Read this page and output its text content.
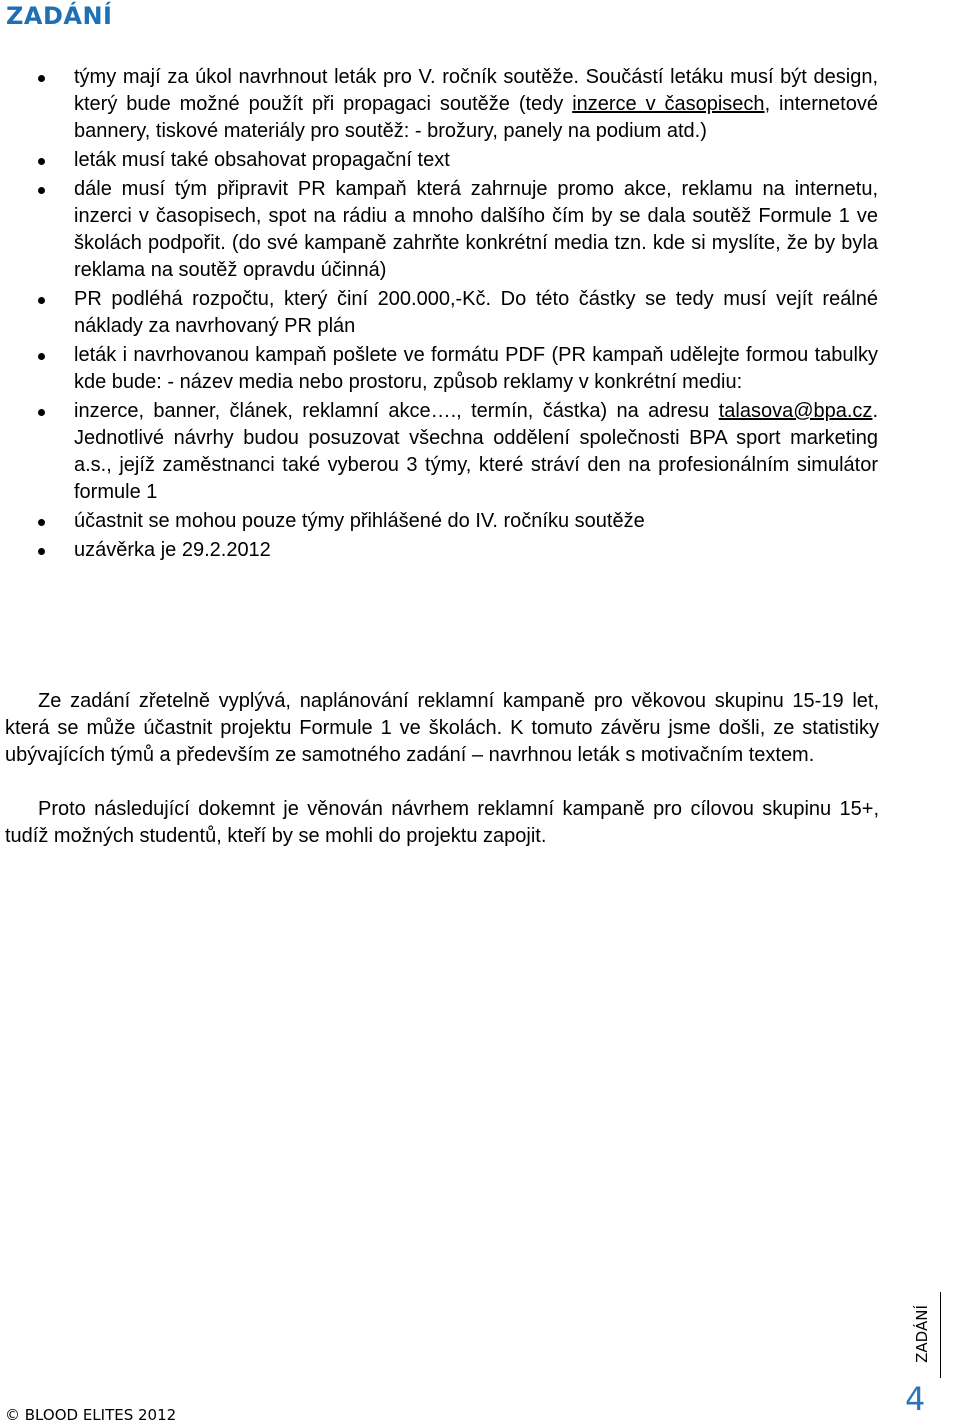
ZADÁNÍ
týmy mají za úkol navrhnout leták pro V. ročník soutěže. Součástí letáku musí být design, který bude možné použít při propagaci soutěže (tedy inzerce v časopisech, internetové bannery, tiskové materiály pro soutěž: - brožury, panely na podium atd.)
leták musí také obsahovat propagační text
dále musí tým připravit PR kampaň která zahrnuje promo akce, reklamu na internetu, inzerci v časopisech, spot na rádiu a mnoho dalšího čím by se dala soutěž Formule 1 ve školách podpořit. (do své kampaně zahrňte konkrétní media tzn. kde si myslíte, že by byla reklama na soutěž opravdu účinná)
PR podléhá rozpočtu, který činí 200.000,-Kč. Do této částky se tedy musí vejít reálné náklady za navrhovaný PR plán
leták i navrhovanou kampaň pošlete ve formátu PDF (PR kampaň udělejte formou tabulky kde bude: - název media nebo prostoru, způsob reklamy v konkrétní mediu:
inzerce, banner, článek, reklamní akce…., termín, částka) na adresu talasova@bpa.cz. Jednotlivé návrhy budou posuzovat všechna oddělení společnosti BPA sport marketing a.s., jejíž zaměstnanci také vyberou 3 týmy, které stráví den na profesionálním simulátor formule 1
účastnit se mohou pouze týmy přihlášené do IV. ročníku soutěže
uzávěrka je 29.2.2012

Ze zadání zřetelně vyplývá, naplánování reklamní kampaně pro věkovou skupinu 15-19 let, která se může účastnit projektu Formule 1 ve školách. K tomuto závěru jsme došli, ze statistiky ubývajících týmů a především ze samotného zadání – navrhnou leták s motivačním textem.

Proto následující dokemnt je věnován návrhem reklamní kampaně pro cílovou skupinu 15+, tudíž možných studentů, kteří by se mohli do projektu zapojit.

© BLOOD ELITES 2012
ZADÁNÍ
4
